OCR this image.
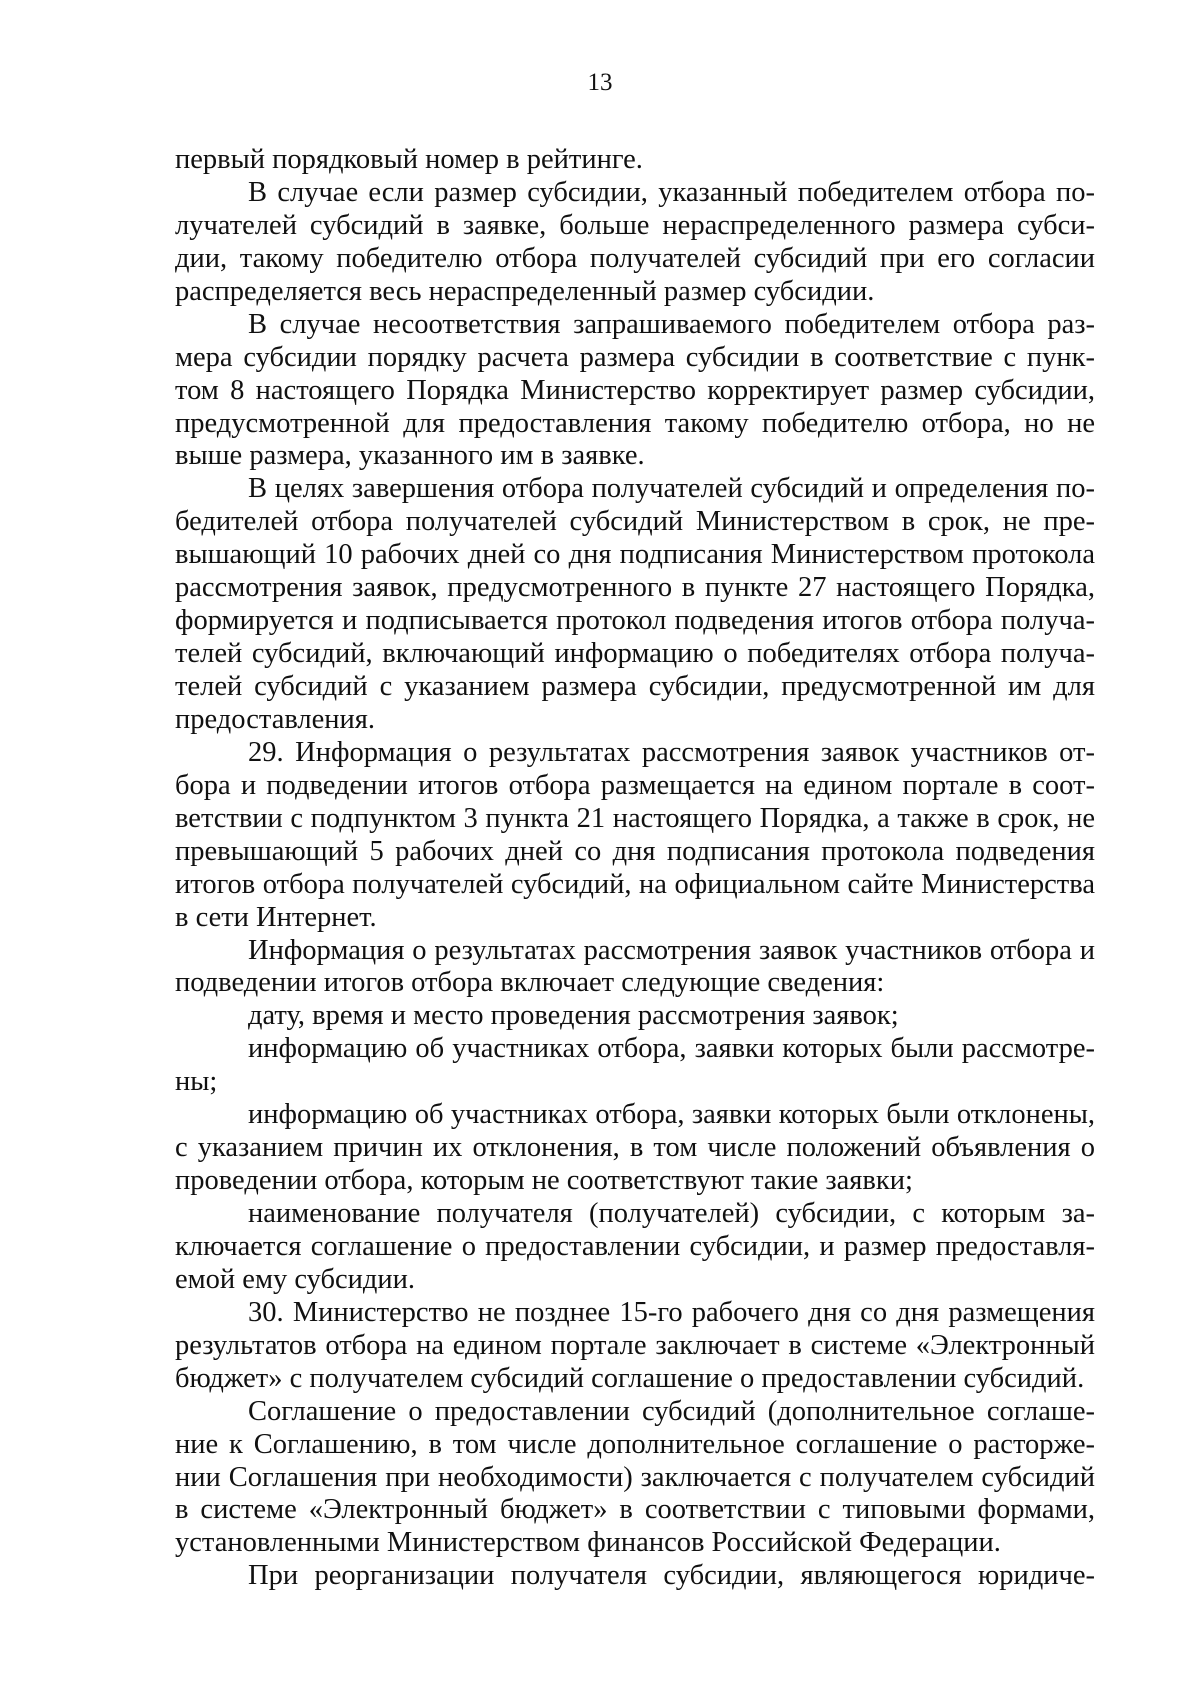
13
первый порядковый номер в рейтинге.
В случае если размер субсидии, указанный победителем отбора по-
лучателей субсидий в заявке, больше нераспределенного размера субси-
дии, такому победителю отбора получателей субсидий при его согласии
распределяется весь нераспределенный размер субсидии.
В случае несоответствия запрашиваемого победителем отбора раз-
мера субсидии порядку расчета размера субсидии в соответствие с пунк-
том 8 настоящего Порядка Министерство корректирует размер субсидии,
предусмотренной для предоставления такому победителю отбора, но не
выше размера, указанного им в заявке.
В целях завершения отбора получателей субсидий и определения по-
бедителей отбора получателей субсидий Министерством в срок, не пре-
вышающий 10 рабочих дней со дня подписания Министерством протокола
рассмотрения заявок, предусмотренного в пункте 27 настоящего Порядка,
формируется и подписывается протокол подведения итогов отбора получа-
телей субсидий, включающий информацию о победителях отбора получа-
телей субсидий с указанием размера субсидии, предусмотренной им для
предоставления.
29. Информация о результатах рассмотрения заявок участников от-
бора и подведении итогов отбора размещается на едином портале в соот-
ветствии с подпунктом 3 пункта 21 настоящего Порядка, а также в срок, не
превышающий 5 рабочих дней со дня подписания протокола подведения
итогов отбора получателей субсидий, на официальном сайте Министерства
в сети Интернет.
Информация о результатах рассмотрения заявок участников отбора и
подведении итогов отбора включает следующие сведения:
дату, время и место проведения рассмотрения заявок;
информацию об участниках отбора, заявки которых были рассмотре-
ны;
информацию об участниках отбора, заявки которых были отклонены,
с указанием причин их отклонения, в том числе положений объявления о
проведении отбора, которым не соответствуют такие заявки;
наименование получателя (получателей) субсидии, с которым за-
ключается соглашение о предоставлении субсидии, и размер предоставля-
емой ему субсидии.
30. Министерство не позднее 15-го рабочего дня со дня размещения
результатов отбора на едином портале заключает в системе «Электронный
бюджет» с получателем субсидий соглашение о предоставлении субсидий.
Соглашение о предоставлении субсидий (дополнительное соглаше-
ние к Соглашению, в том числе дополнительное соглашение о расторже-
нии Соглашения при необходимости) заключается с получателем субсидий
в системе «Электронный бюджет» в соответствии с типовыми формами,
установленными Министерством финансов Российской Федерации.
При реорганизации получателя субсидии, являющегося юридиче-
